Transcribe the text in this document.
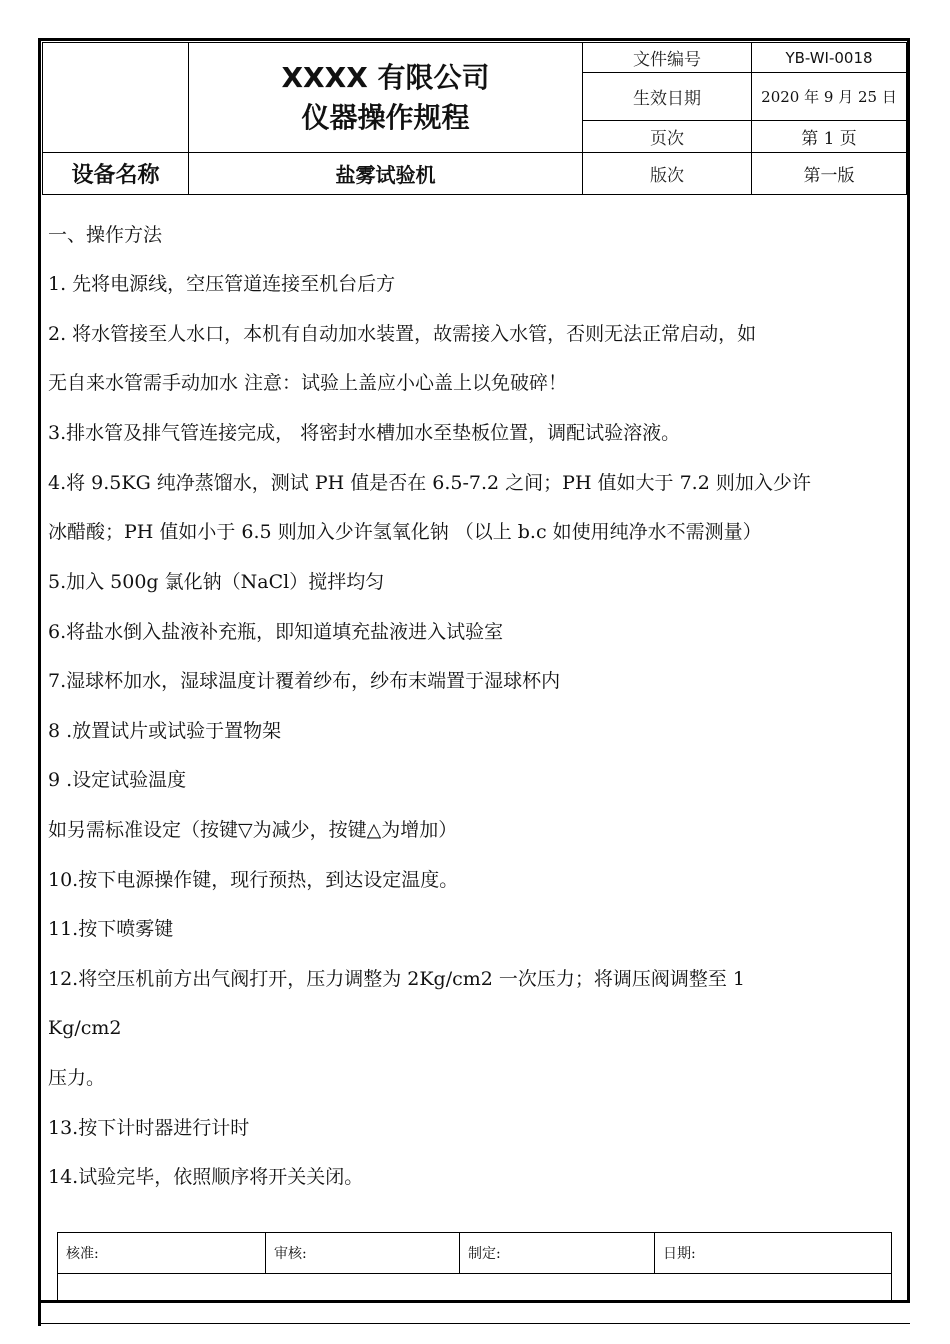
	XXXX 有限公司
仪器操作规程	文件编号	YB-WI-0018
		生效日期	2020 年 9 月 25 日
		页次	第 1 页
设备名称	盐雾试验机	版次	第一版
一、操作方法
1. 先将电源线，空压管道连接至机台后方
2. 将水管接至人水口，本机有自动加水装置，故需接入水管，否则无法正常启动，如
无自来水管需手动加水 注意：试验上盖应小心盖上以免破碎！
3.排水管及排气管连接完成， 将密封水槽加水至垫板位置，调配试验溶液。
4.将 9.5KG 纯净蒸馏水，测试 PH 值是否在 6.5-7.2 之间；PH 值如大于 7.2 则加入少许
冰醋酸；PH 值如小于 6.5 则加入少许氢氧化钠 （以上 b.c 如使用纯净水不需测量）
5.加入 500g 氯化钠（NaCl）搅拌均匀
6.将盐水倒入盐液补充瓶，即知道填充盐液进入试验室
7.湿球杯加水，湿球温度计覆着纱布，纱布末端置于湿球杯内
8 .放置试片或试验于置物架
9 .设定试验温度
如另需标准设定（按键▽为减少，按键△为增加）
10.按下电源操作键，现行预热，到达设定温度。
11.按下喷雾键
12.将空压机前方出气阀打开，压力调整为 2Kg/cm2 一次压力；将调压阀调整至 1
Kg/cm2
压力。
13.按下计时器进行计时
14.试验完毕，依照顺序将开关关闭。
核准:	审核:	制定:	日期:
